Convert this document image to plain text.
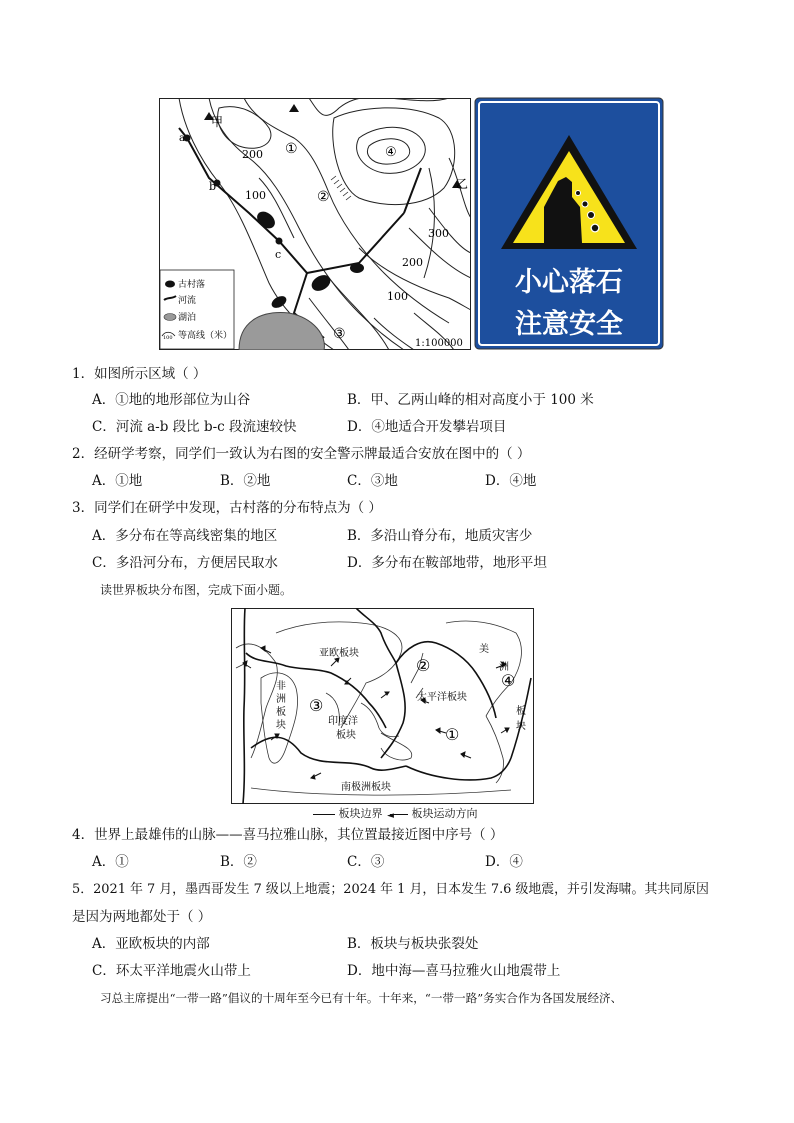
甲
乙
①
②
③
④
a
b
c
200
100
300
200
100
1:100000
古村落
河流
湖泊
100 等高线（米）
小心落石
注意安全
1．如图所示区域（ ）
A．①地的地形部位为山谷	B．甲、乙两山峰的相对高度小于 100 米
C．河流 a-b 段比 b-c 段流速较快	D．④地适合开发攀岩项目
2．经研学考察，同学们一致认为右图的安全警示牌最适合安放在图中的（ ）
A．①地	B．②地	C．③地	D．④地
3．同学们在研学中发现，古村落的分布特点为（ ）
A．多分布在等高线密集的地区	B．多沿山脊分布，地质灾害少
C．多沿河分布，方便居民取水	D．多分布在鞍部地带，地形平坦
读世界板块分布图，完成下面小题。
亚欧板块
非
洲
板
块
美
洲
板
块
太平洋板块
印度洋
板块
南极洲板块
①
②
③
④
板块边界 ◄ 板块运动方向
4．世界上最雄伟的山脉——喜马拉雅山脉，其位置最接近图中序号（ ）
A．①	B．②	C．③	D．④
5．2021 年 7 月，墨西哥发生 7 级以上地震；2024 年 1 月，日本发生 7.6 级地震，并引发海啸。其共同原因
是因为两地都处于（ ）
A．亚欧板块的内部	B．板块与板块张裂处
C．环太平洋地震火山带上	D．地中海—喜马拉雅火山地震带上
习总主席提出“一带一路”倡议的十周年至今已有十年。十年来，“一带一路”务实合作为各国发展经济、
